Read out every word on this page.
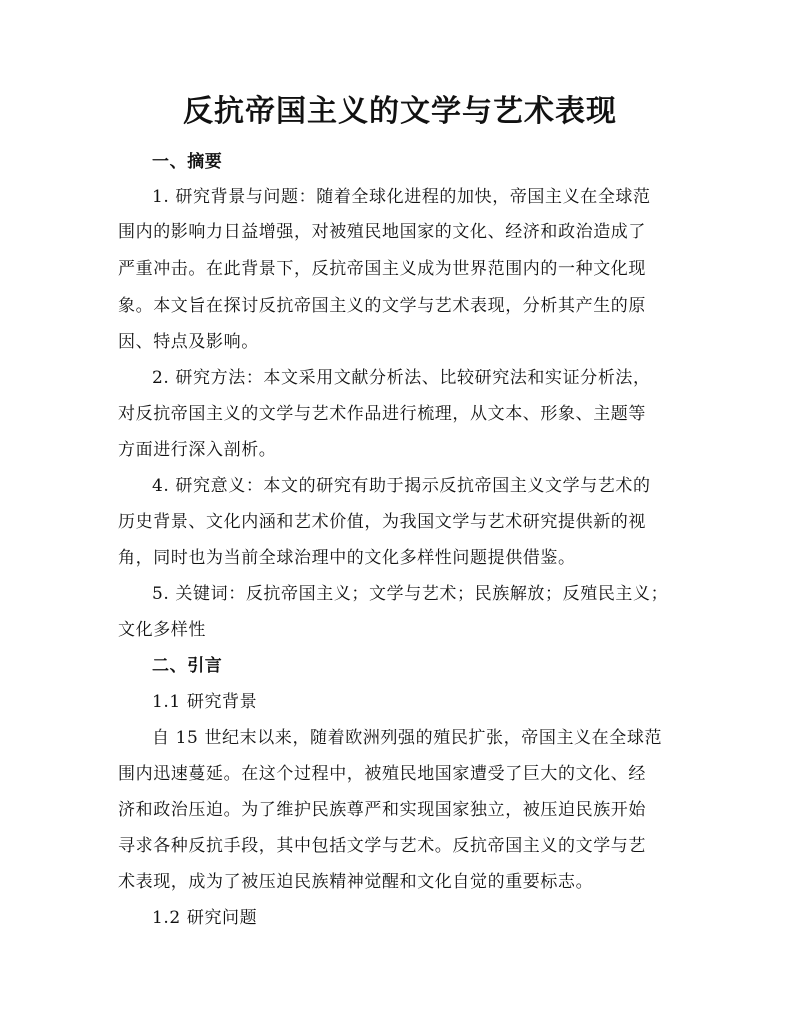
反抗帝国主义的文学与艺术表现
一、摘要
1. 研究背景与问题：随着全球化进程的加快，帝国主义在全球范
围内的影响力日益增强，对被殖民地国家的文化、经济和政治造成了
严重冲击。在此背景下，反抗帝国主义成为世界范围内的一种文化现
象。本文旨在探讨反抗帝国主义的文学与艺术表现，分析其产生的原
因、特点及影响。
2. 研究方法：本文采用文献分析法、比较研究法和实证分析法，
对反抗帝国主义的文学与艺术作品进行梳理，从文本、形象、主题等
方面进行深入剖析。
4. 研究意义：本文的研究有助于揭示反抗帝国主义文学与艺术的
历史背景、文化内涵和艺术价值，为我国文学与艺术研究提供新的视
角，同时也为当前全球治理中的文化多样性问题提供借鉴。
5. 关键词：反抗帝国主义；文学与艺术；民族解放；反殖民主义；
文化多样性
二、引言
1.1 研究背景
自 15 世纪末以来，随着欧洲列强的殖民扩张，帝国主义在全球范
围内迅速蔓延。在这个过程中，被殖民地国家遭受了巨大的文化、经
济和政治压迫。为了维护民族尊严和实现国家独立，被压迫民族开始
寻求各种反抗手段，其中包括文学与艺术。反抗帝国主义的文学与艺
术表现，成为了被压迫民族精神觉醒和文化自觉的重要标志。
1.2 研究问题
